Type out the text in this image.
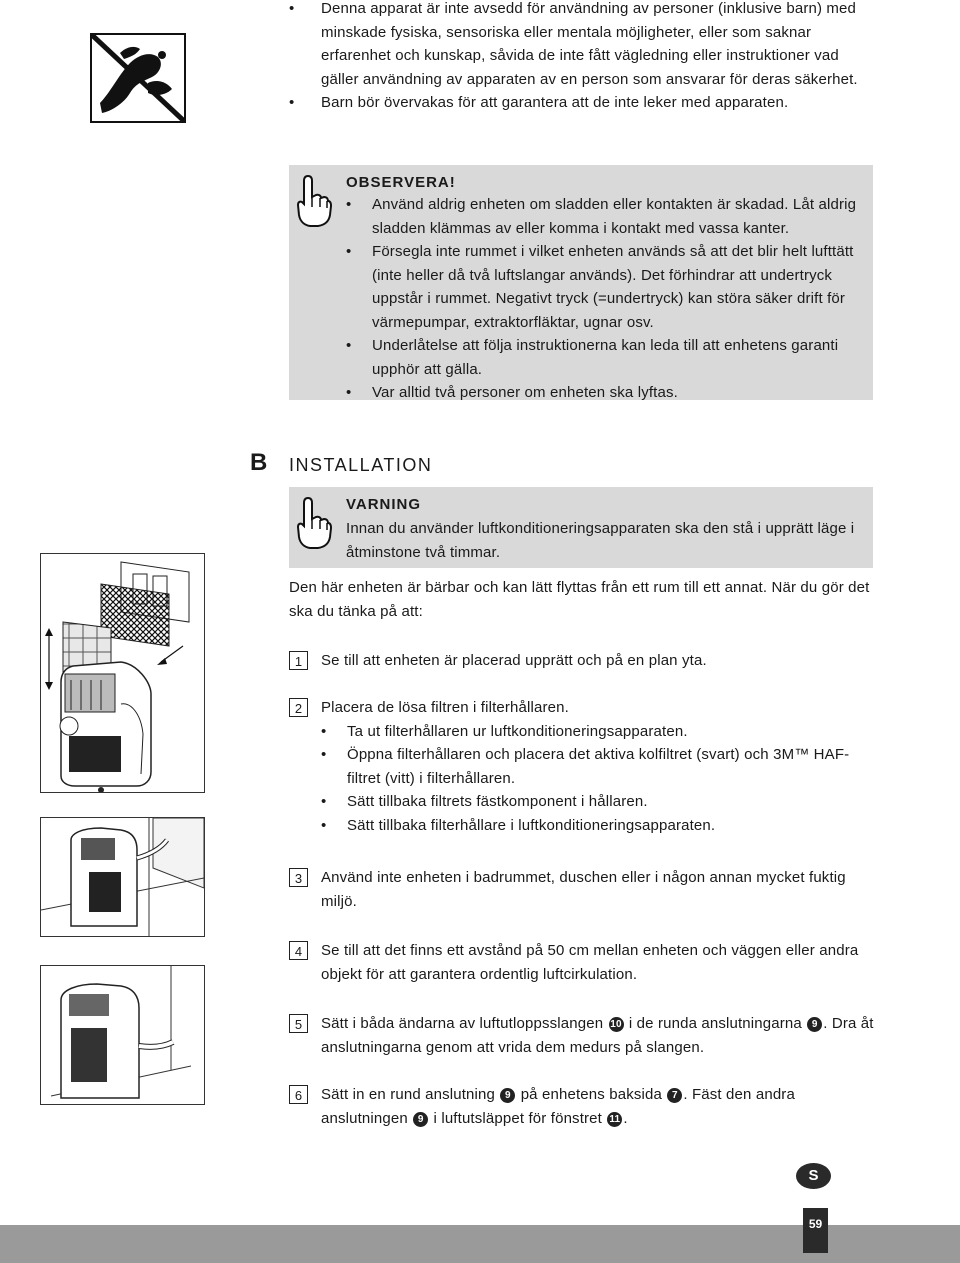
• Denna apparat är inte avsedd för användning av personer (inklusive barn) med minskade fysiska, sensoriska eller mentala möjligheter, eller som saknar erfarenhet och kunskap, såvida de inte fått vägledning eller instruktioner vad gäller användning av apparaten av en person som ansvarar för deras säkerhet.
• Barn bör övervakas för att garantera att de inte leker med apparaten.
OBSERVERA!
• Använd aldrig enheten om sladden eller kontakten är skadad. Låt aldrig sladden klämmas av eller komma i kontakt med vassa kanter.
• Försegla inte rummet i vilket enheten används så att det blir helt lufttätt (inte heller då två luftslangar används). Det förhindrar att undertryck uppstår i rummet. Negativt tryck (=undertryck) kan störa säker drift för värmepumpar, extraktorfläktar, ugnar osv.
• Underlåtelse att följa instruktionerna kan leda till att enhetens garanti upphör att gälla.
• Var alltid två personer om enheten ska lyftas.
B INSTALLATION
VARNING
Innan du använder luftkonditioneringsapparaten ska den stå i upprätt läge i åtminstone två timmar.
Den här enheten är bärbar och kan lätt flyttas från ett rum till ett annat. När du gör det ska du tänka på att:
1	Se till att enheten är placerad upprätt och på en plan yta.
2	Placera de lösa filtren i filterhållaren.
• Ta ut filterhållaren ur luftkonditioneringsapparaten.
• Öppna filterhållaren och placera det aktiva kolfiltret (svart) och 3M™ HAF-filtret (vitt) i filterhållaren.
• Sätt tillbaka filtrets fästkomponent i hållaren.
• Sätt tillbaka filterhållare i luftkonditioneringsapparaten.
3	Använd inte enheten i badrummet, duschen eller i någon annan mycket fuktig miljö.
4	Se till att det finns ett avstånd på 50 cm mellan enheten och väggen eller andra objekt för att garantera ordentlig luftcirkulation.
5	Sätt i båda ändarna av luftutloppsslangen 10 i de runda anslutningarna 9 . Dra åt anslutningarna genom att vrida dem medurs på slangen.
6	Sätt in en rund anslutning 9 på enhetens baksida 7 . Fäst den andra anslutningen 9 i luftutsläppet för fönstret 11 .
S
59
